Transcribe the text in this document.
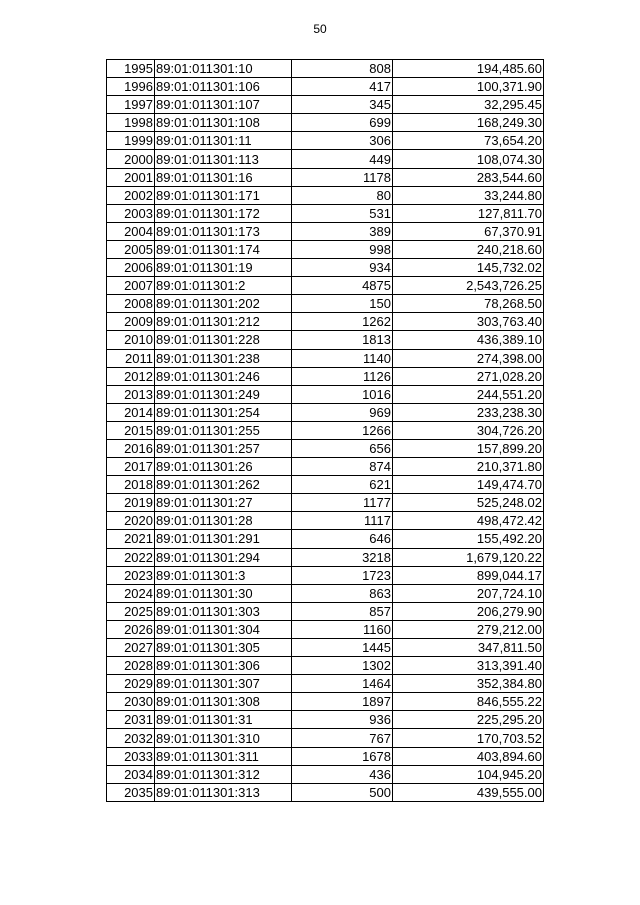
50
1995	89:01:011301:10	808	194,485.60
1996	89:01:011301:106	417	100,371.90
1997	89:01:011301:107	345	32,295.45
1998	89:01:011301:108	699	168,249.30
1999	89:01:011301:11	306	73,654.20
2000	89:01:011301:113	449	108,074.30
2001	89:01:011301:16	1178	283,544.60
2002	89:01:011301:171	80	33,244.80
2003	89:01:011301:172	531	127,811.70
2004	89:01:011301:173	389	67,370.91
2005	89:01:011301:174	998	240,218.60
2006	89:01:011301:19	934	145,732.02
2007	89:01:011301:2	4875	2,543,726.25
2008	89:01:011301:202	150	78,268.50
2009	89:01:011301:212	1262	303,763.40
2010	89:01:011301:228	1813	436,389.10
2011	89:01:011301:238	1140	274,398.00
2012	89:01:011301:246	1126	271,028.20
2013	89:01:011301:249	1016	244,551.20
2014	89:01:011301:254	969	233,238.30
2015	89:01:011301:255	1266	304,726.20
2016	89:01:011301:257	656	157,899.20
2017	89:01:011301:26	874	210,371.80
2018	89:01:011301:262	621	149,474.70
2019	89:01:011301:27	1177	525,248.02
2020	89:01:011301:28	1117	498,472.42
2021	89:01:011301:291	646	155,492.20
2022	89:01:011301:294	3218	1,679,120.22
2023	89:01:011301:3	1723	899,044.17
2024	89:01:011301:30	863	207,724.10
2025	89:01:011301:303	857	206,279.90
2026	89:01:011301:304	1160	279,212.00
2027	89:01:011301:305	1445	347,811.50
2028	89:01:011301:306	1302	313,391.40
2029	89:01:011301:307	1464	352,384.80
2030	89:01:011301:308	1897	846,555.22
2031	89:01:011301:31	936	225,295.20
2032	89:01:011301:310	767	170,703.52
2033	89:01:011301:311	1678	403,894.60
2034	89:01:011301:312	436	104,945.20
2035	89:01:011301:313	500	439,555.00
